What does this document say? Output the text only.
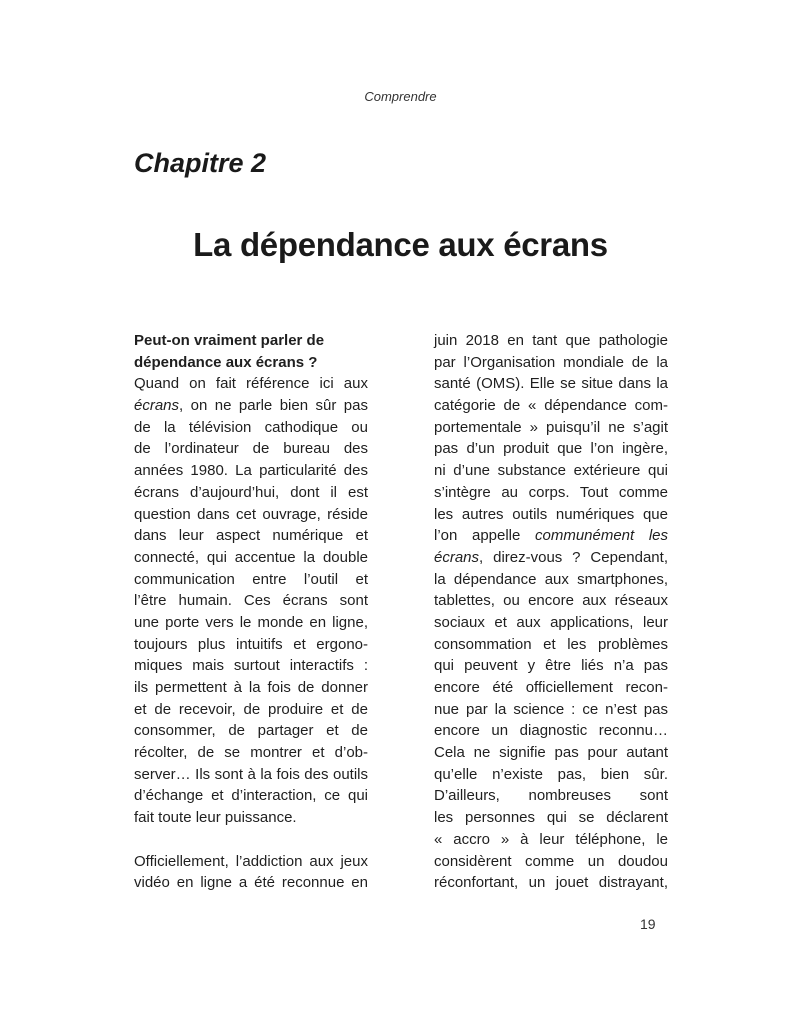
Comprendre
Chapitre 2
La dépendance aux écrans
Peut-on vraiment parler de
dépendance aux écrans ?
Quand on fait référence ici aux
écrans, on ne parle bien sûr pas
de la télévision cathodique ou
de l’ordinateur de bureau des
années 1980. La particularité des
écrans d’aujourd’hui, dont il est
question dans cet ouvrage, réside
dans leur aspect numérique et
connecté, qui accentue la double
communication entre l’outil et
l’être humain. Ces écrans sont
une porte vers le monde en ligne,
toujours plus intuitifs et ergono-
miques mais surtout interactifs :
ils permettent à la fois de donner
et de recevoir, de produire et de
consommer, de partager et de
récolter, de se montrer et d’ob-
server… Ils sont à la fois des outils
d’échange et d’interaction, ce qui
fait toute leur puissance.
Officiellement, l’addiction aux jeux
vidéo en ligne a été reconnue en
juin 2018 en tant que pathologie
par l’Organisation mondiale de la
santé (OMS). Elle se situe dans la
catégorie de « dépendance com-
portementale » puisqu’il ne s’agit
pas d’un produit que l’on ingère,
ni d’une substance extérieure qui
s’intègre au corps. Tout comme
les autres outils numériques que
l’on appelle communément les
écrans, direz-vous ? Cependant,
la dépendance aux smartphones,
tablettes, ou encore aux réseaux
sociaux et aux applications, leur
consommation et les problèmes
qui peuvent y être liés n’a pas
encore été officiellement recon-
nue par la science : ce n’est pas
encore un diagnostic reconnu…
Cela ne signifie pas pour autant
qu’elle n’existe pas, bien sûr.
D’ailleurs, nombreuses sont
les personnes qui se déclarent
« accro » à leur téléphone, le
considèrent comme un doudou
réconfortant, un jouet distrayant,
19
